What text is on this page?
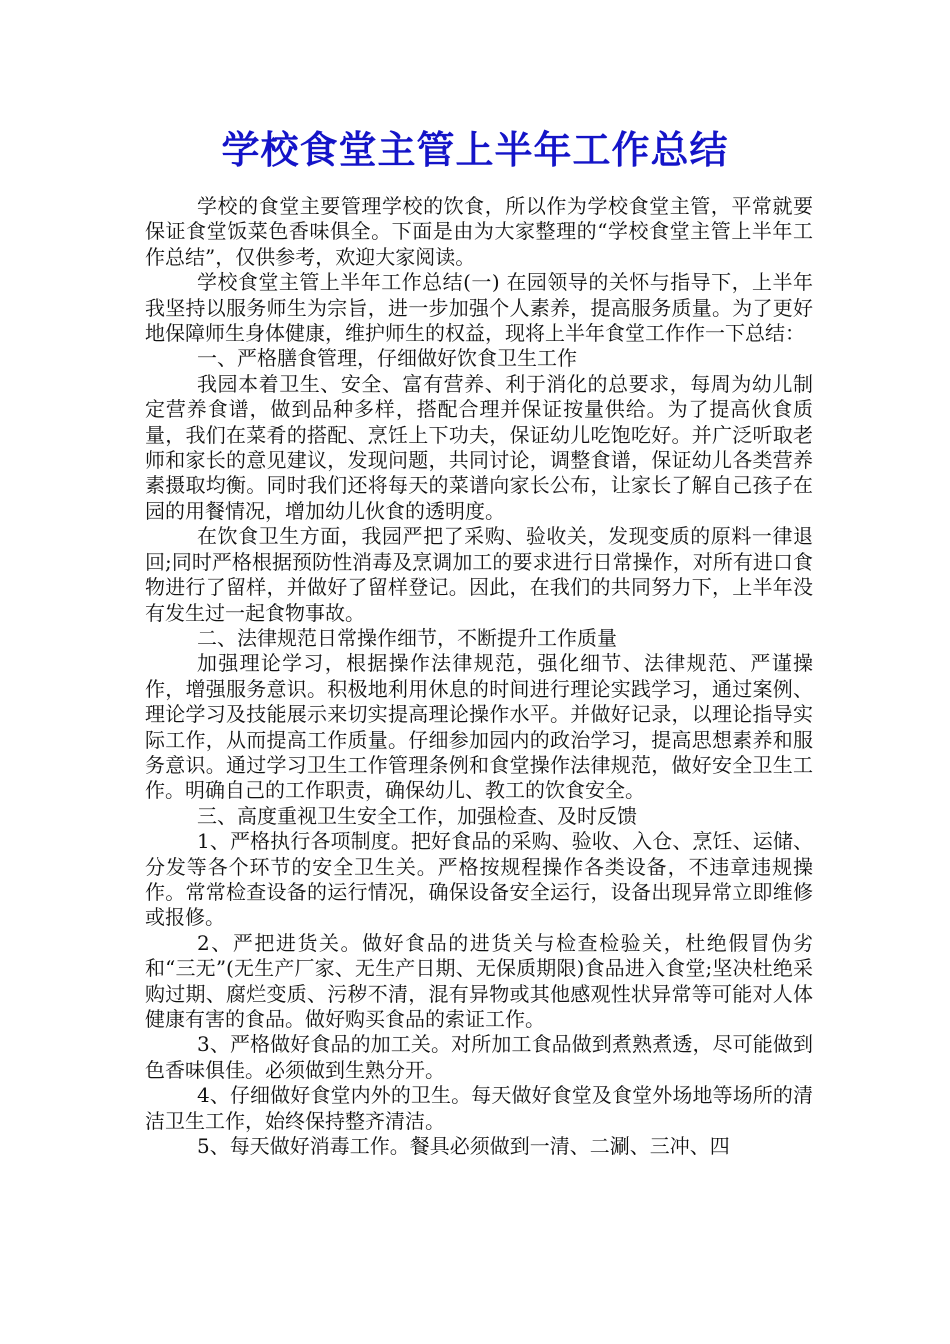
学校食堂主管上半年工作总结

学校的食堂主要管理学校的饮食，所以作为学校食堂主管，平常就要保证食堂饭菜色香味俱全。下面是由为大家整理的“学校食堂主管上半年工作总结”，仅供参考，欢迎大家阅读。

学校食堂主管上半年工作总结(一) 在园领导的关怀与指导下，上半年我坚持以服务师生为宗旨，进一步加强个人素养，提高服务质量。为了更好地保障师生身体健康，维护师生的权益，现将上半年食堂工作作一下总结：

一、严格膳食管理，仔细做好饮食卫生工作

我园本着卫生、安全、富有营养、利于消化的总要求，每周为幼儿制定营养食谱，做到品种多样，搭配合理并保证按量供给。为了提高伙食质量，我们在菜肴的搭配、烹饪上下功夫，保证幼儿吃饱吃好。并广泛听取老师和家长的意见建议，发现问题，共同讨论，调整食谱，保证幼儿各类营养素摄取均衡。同时我们还将每天的菜谱向家长公布，让家长了解自己孩子在园的用餐情况，增加幼儿伙食的透明度。

在饮食卫生方面，我园严把了采购、验收关，发现变质的原料一律退回;同时严格根据预防性消毒及烹调加工的要求进行日常操作，对所有进口食物进行了留样，并做好了留样登记。因此，在我们的共同努力下，上半年没有发生过一起食物事故。

二、法律规范日常操作细节，不断提升工作质量

加强理论学习，根据操作法律规范，强化细节、法律规范、严谨操作，增强服务意识。积极地利用休息的时间进行理论实践学习，通过案例、理论学习及技能展示来切实提高理论操作水平。并做好记录，以理论指导实际工作，从而提高工作质量。仔细参加园内的政治学习，提高思想素养和服务意识。通过学习卫生工作管理条例和食堂操作法律规范，做好安全卫生工作。明确自己的工作职责，确保幼儿、教工的饮食安全。

三、高度重视卫生安全工作，加强检查、及时反馈

1、严格执行各项制度。把好食品的采购、验收、入仓、烹饪、运储、分发等各个环节的安全卫生关。严格按规程操作各类设备，不违章违规操作。常常检查设备的运行情况，确保设备安全运行，设备出现异常立即维修或报修。

2、严把进货关。做好食品的进货关与检查检验关，杜绝假冒伪劣和“三无”(无生产厂家、无生产日期、无保质期限)食品进入食堂;坚决杜绝采购过期、腐烂变质、污秽不清，混有异物或其他感观性状异常等可能对人体健康有害的食品。做好购买食品的索证工作。

3、严格做好食品的加工关。对所加工食品做到煮熟煮透，尽可能做到色香味俱佳。必须做到生熟分开。

4、仔细做好食堂内外的卫生。每天做好食堂及食堂外场地等场所的清洁卫生工作，始终保持整齐清洁。

5、每天做好消毒工作。餐具必须做到一清、二涮、三冲、四
